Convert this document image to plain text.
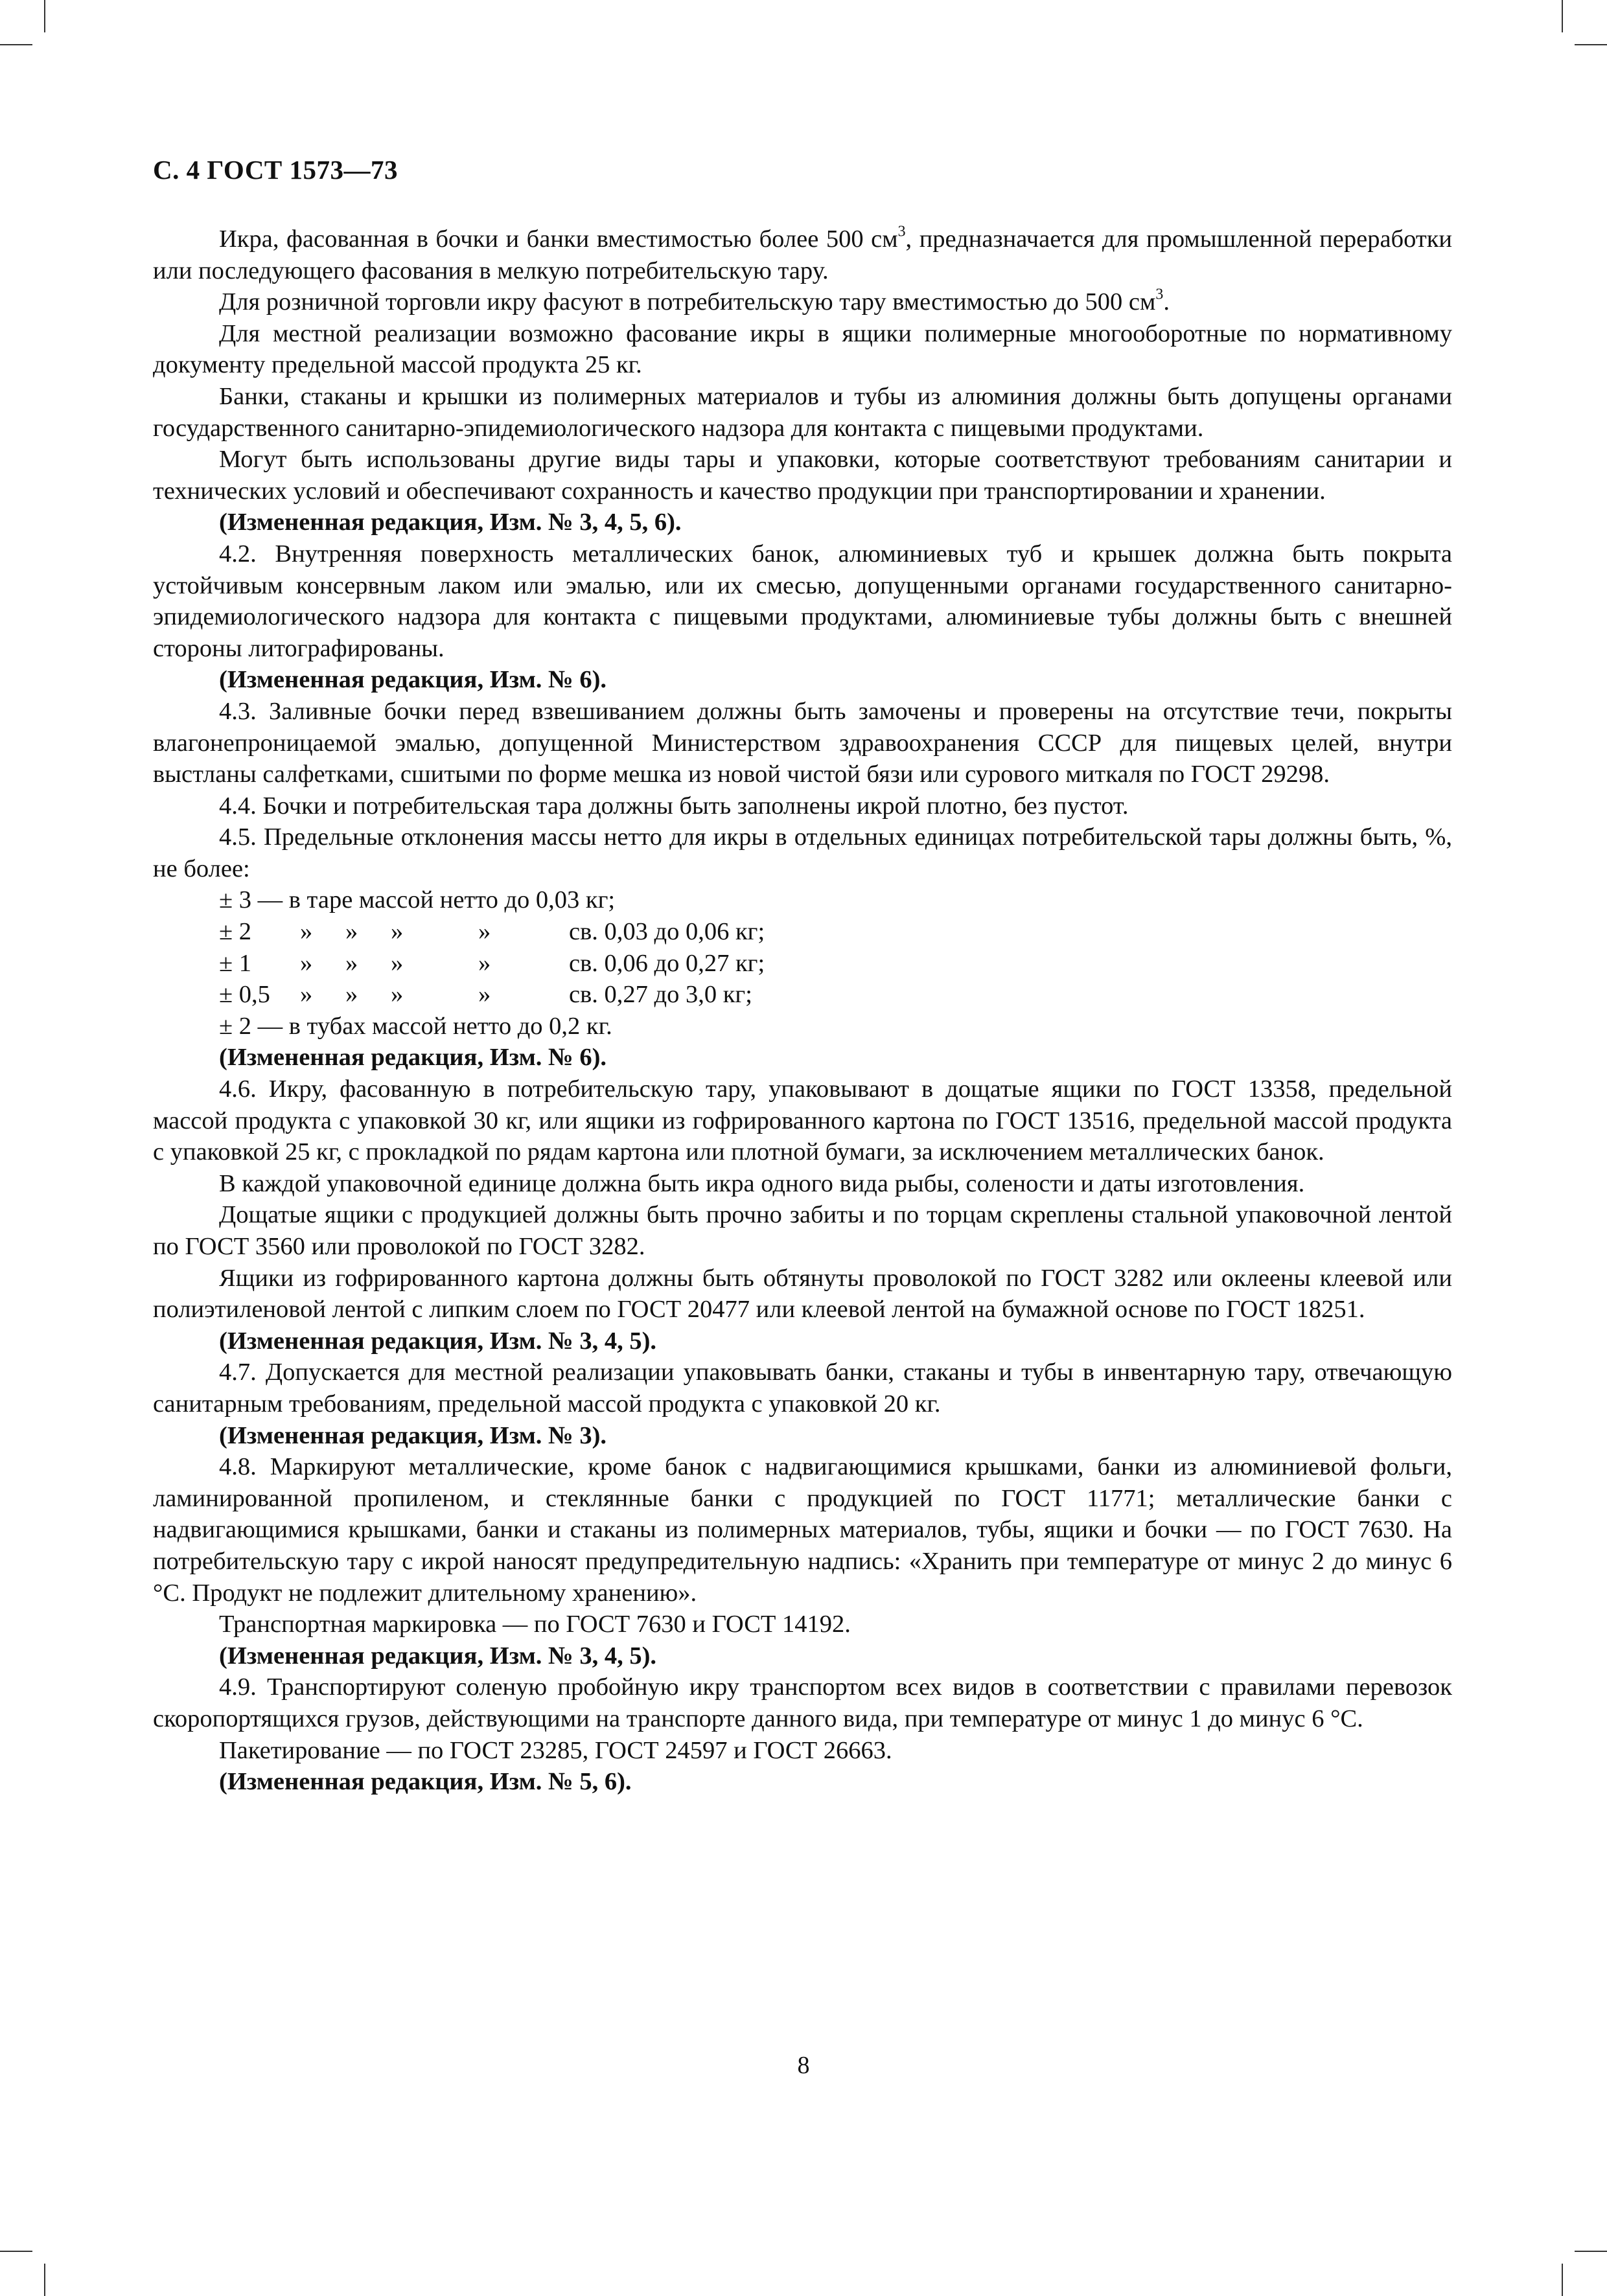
С. 4 ГОСТ 1573—73

Икра, фасованная в бочки и банки вместимостью более 500 $см^3$, предназначается для промышленной переработки или последующего фасования в мелкую потребительскую тару.

Для розничной торговли икру фасуют в потребительскую тару вместимостью до 500 $см^3$.

Для местной реализации возможно фасование икры в ящики полимерные многооборотные по нормативному документу предельной массой продукта 25 кг.

Банки, стаканы и крышки из полимерных материалов и тубы из алюминия должны быть допущены органами государственного санитарно-эпидемиологического надзора для контакта с пищевыми продуктами.

Могут быть использованы другие виды тары и упаковки, которые соответствуют требованиям санитарии и технических условий и обеспечивают сохранность и качество продукции при транспортировании и хранении.

(Измененная редакция, Изм. № 3, 4, 5, 6).

4.2. Внутренняя поверхность металлических банок, алюминиевых туб и крышек должна быть покрыта устойчивым консервным лаком или эмалью, или их смесью, допущенными органами государственного санитарно-эпидемиологического надзора для контакта с пищевыми продуктами, алюминиевые тубы должны быть с внешней стороны литографированы.

(Измененная редакция, Изм. № 6).

4.3. Заливные бочки перед взвешиванием должны быть замочены и проверены на отсутствие течи, покрыты влагонепроницаемой эмалью, допущенной Министерством здравоохранения СССР для пищевых целей, внутри выстланы салфетками, сшитыми по форме мешка из новой чистой бязи или сурового миткаля по ГОСТ 29298.

4.4. Бочки и потребительская тара должны быть заполнены икрой плотно, без пустот.

4.5. Предельные отклонения массы нетто для икры в отдельных единицах потребительской тары должны быть, %, не более:

± 3 — в таре массой нетто до 0,03 кг;

± 2	»	»	»	»	св. 0,03 до 0,06 кг;
± 1	»	»	»	»	св. 0,06 до 0,27 кг;
± 0,5	»	»	»	»	св. 0,27 до 3,0 кг;

± 2 — в тубах массой нетто до 0,2 кг.

(Измененная редакция, Изм. № 6).

4.6. Икру, фасованную в потребительскую тару, упаковывают в дощатые ящики по ГОСТ 13358, предельной массой продукта с упаковкой 30 кг, или ящики из гофрированного картона по ГОСТ 13516, предельной массой продукта с упаковкой 25 кг, с прокладкой по рядам картона или плотной бумаги, за исключением металлических банок.

В каждой упаковочной единице должна быть икра одного вида рыбы, солености и даты изготовления.

Дощатые ящики с продукцией должны быть прочно забиты и по торцам скреплены стальной упаковочной лентой по ГОСТ 3560 или проволокой по ГОСТ 3282.

Ящики из гофрированного картона должны быть обтянуты проволокой по ГОСТ 3282 или оклеены клеевой или полиэтиленовой лентой с липким слоем по ГОСТ 20477 или клеевой лентой на бумажной основе по ГОСТ 18251.

(Измененная редакция, Изм. № 3, 4, 5).

4.7. Допускается для местной реализации упаковывать банки, стаканы и тубы в инвентарную тару, отвечающую санитарным требованиям, предельной массой продукта с упаковкой 20 кг.

(Измененная редакция, Изм. № 3).

4.8. Маркируют металлические, кроме банок с надвигающимися крышками, банки из алюминиевой фольги, ламинированной пропиленом, и стеклянные банки с продукцией по ГОСТ 11771; металлические банки с надвигающимися крышками, банки и стаканы из полимерных материалов, тубы, ящики и бочки — по ГОСТ 7630. На потребительскую тару с икрой наносят предупредительную надпись: «Хранить при температуре от минус 2 до минус 6 °С. Продукт не подлежит длительному хранению».

Транспортная маркировка — по ГОСТ 7630 и ГОСТ 14192.

(Измененная редакция, Изм. № 3, 4, 5).

4.9. Транспортируют соленую пробойную икру транспортом всех видов в соответствии с правилами перевозок скоропортящихся грузов, действующими на транспорте данного вида, при температуре от минус 1 до минус 6 °С.

Пакетирование — по ГОСТ 23285, ГОСТ 24597 и ГОСТ 26663.

(Измененная редакция, Изм. № 5, 6).

8
